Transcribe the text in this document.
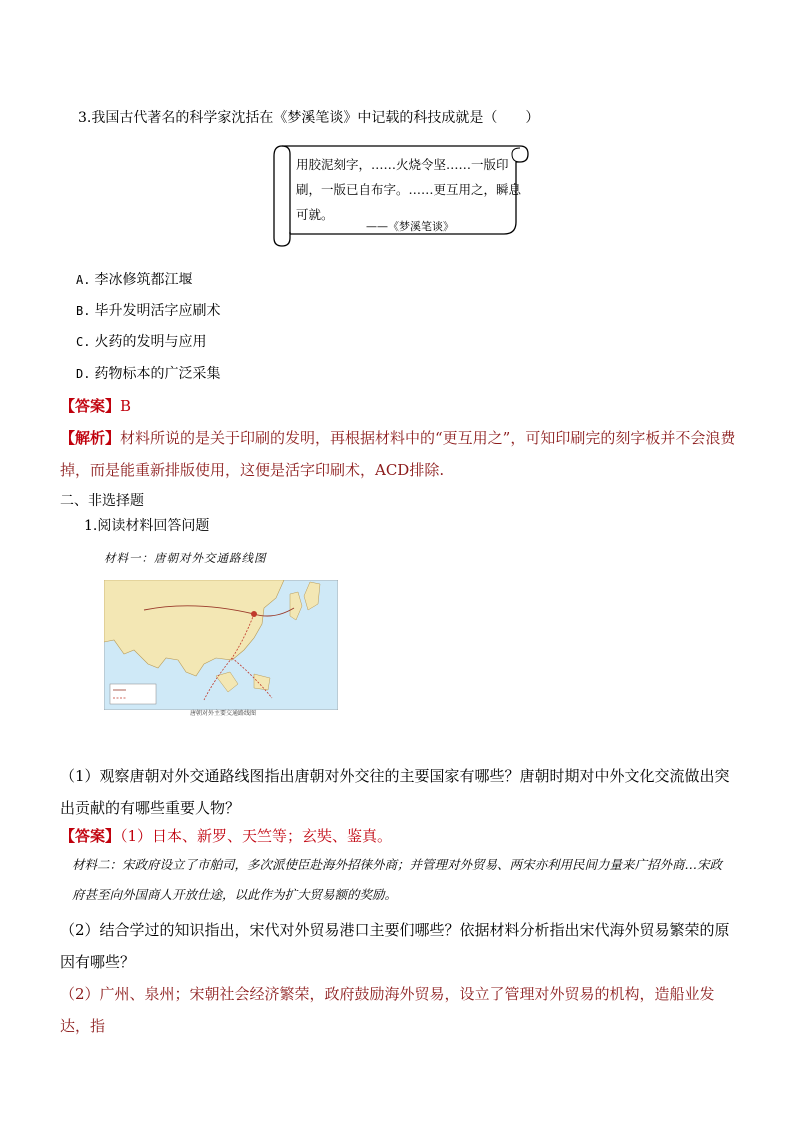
3.我国古代著名的科学家沈括在《梦溪笔谈》中记载的科技成就是（　　）
用胶泥刻字，……火烧令坚……一版印刷，一版已自布字。……更互用之，瞬息可就。
——《梦溪笔谈》
A. 李冰修筑都江堰
B. 毕升发明活字应刷术
C. 火药的发明与应用
D. 药物标本的广泛采集
【答案】B
【解析】材料所说的是关于印刷的发明，再根据材料中的“更互用之”，可知印刷完的刻字板并不会浪费掉，而是能重新排版使用，这便是活字印刷术，ACD排除.
二、非选择题
1.阅读材料回答问题
材料一：唐朝对外交通路线图
唐朝对外主要交通路线图
（1）观察唐朝对外交通路线图指出唐朝对外交往的主要国家有哪些？唐朝时期对中外文化交流做出突出贡献的有哪些重要人物？
【答案】（1）日本、新罗、天竺等；玄奘、鉴真。
材料二：宋政府设立了市舶司，多次派使臣赴海外招徕外商；并管理对外贸易、两宋亦利用民间力量来广招外商…宋政府甚至向外国商人开放仕途，以此作为扩大贸易额的奖励。
（2）结合学过的知识指出，宋代对外贸易港口主要们哪些？依据材料分析指出宋代海外贸易繁荣的原因有哪些？
（2）广州、泉州；宋朝社会经济繁荣，政府鼓励海外贸易，设立了管理对外贸易的机构，造船业发达，指
